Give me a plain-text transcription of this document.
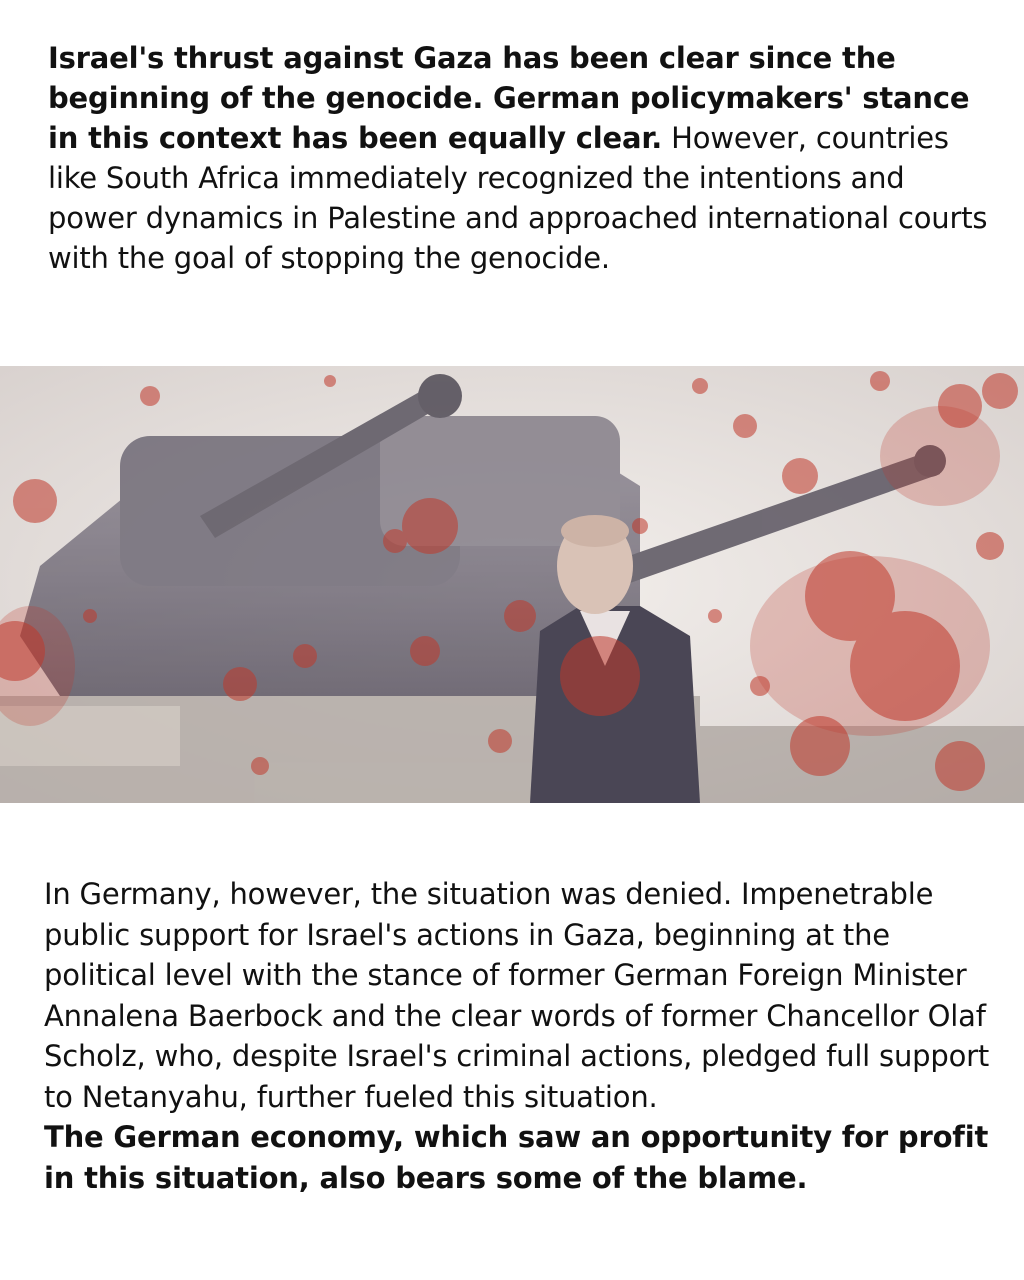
Israel's thrust against Gaza has been clear since the beginning of the genocide. German policymakers' stance in this context has been equally clear. However, countries like South Africa immediately recognized the intentions and power dynamics in Palestine and approached international courts with the goal of stopping the genocide.

In Germany, however, the situation was denied. Impenetrable public support for Israel's actions in Gaza, beginning at the political level with the stance of former German Foreign Minister Annalena Baerbock and the clear words of former Chancellor Olaf Scholz, who, despite Israel's criminal actions, pledged full support to Netanyahu, further fueled this situation.

The German economy, which saw an opportunity for profit in this situation, also bears some of the blame.
